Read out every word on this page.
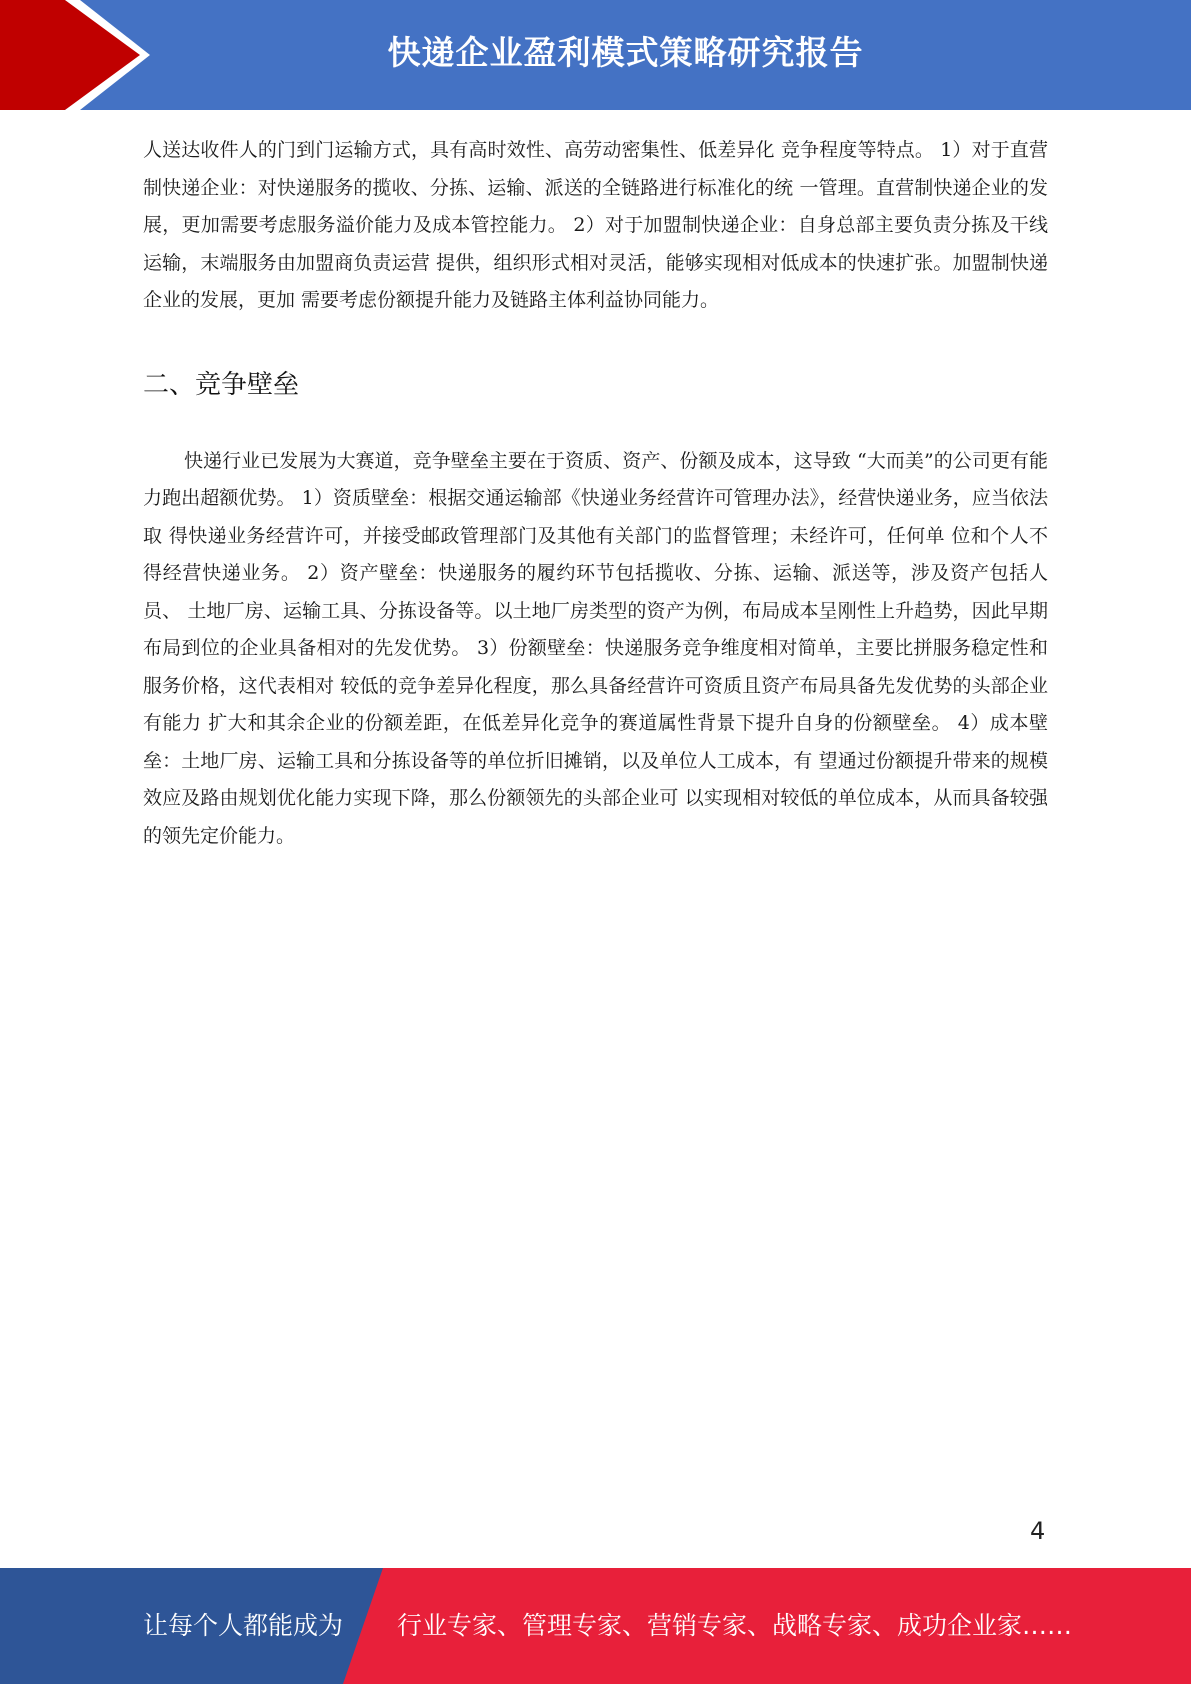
快递企业盈利模式策略研究报告

人送达收件人的门到门运输方式，具有高时效性、高劳动密集性、低差异化 竞争程度等特点。 1）对于直营制快递企业：对快递服务的揽收、分拣、运输、派送的全链路进行标准化的统 一管理。直营制快递企业的发展，更加需要考虑服务溢价能力及成本管控能力。 2）对于加盟制快递企业：自身总部主要负责分拣及干线运输，末端服务由加盟商负责运营 提供，组织形式相对灵活，能够实现相对低成本的快速扩张。加盟制快递企业的发展，更加 需要考虑份额提升能力及链路主体利益协同能力。

二、竞争壁垒

快递行业已发展为大赛道，竞争壁垒主要在于资质、资产、份额及成本，这导致 “大而美”的公司更有能力跑出超额优势。 1）资质壁垒：根据交通运输部《快递业务经营许可管理办法》，经营快递业务，应当依法取 得快递业务经营许可，并接受邮政管理部门及其他有关部门的监督管理；未经许可，任何单 位和个人不得经营快递业务。 2）资产壁垒：快递服务的履约环节包括揽收、分拣、运输、派送等，涉及资产包括人员、 土地厂房、运输工具、分拣设备等。以土地厂房类型的资产为例，布局成本呈刚性上升趋势，因此早期布局到位的企业具备相对的先发优势。 3）份额壁垒：快递服务竞争维度相对简单，主要比拼服务稳定性和服务价格，这代表相对 较低的竞争差异化程度，那么具备经营许可资质且资产布局具备先发优势的头部企业有能力 扩大和其余企业的份额差距，在低差异化竞争的赛道属性背景下提升自身的份额壁垒。 4）成本壁垒：土地厂房、运输工具和分拣设备等的单位折旧摊销，以及单位人工成本，有 望通过份额提升带来的规模效应及路由规划优化能力实现下降，那么份额领先的头部企业可 以实现相对较低的单位成本，从而具备较强的领先定价能力。

4
让每个人都能成为 行业专家、管理专家、营销专家、战略专家、成功企业家……
